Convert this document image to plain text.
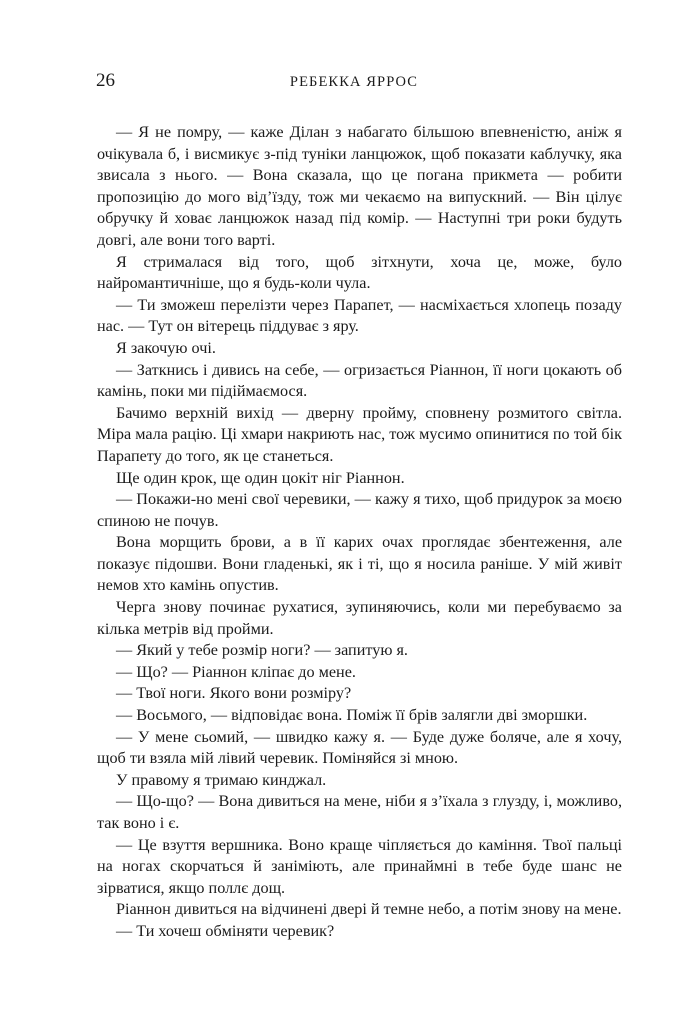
26	РЕБЕККА ЯРРОС

— Я не помру, — каже Ділан з набагато більшою впевненістю, аніж я очікувала б, і висмикує з-під туніки ланцюжок, щоб показати каблучку, яка звисала з нього. — Вона сказала, що це погана прикмета — робити пропозицію до мого від’їзду, тож ми чекаємо на випускний. — Він цілує обручку й ховає ланцюжок назад під комір. — Наступні три роки будуть довгі, але вони того варті.

Я стрималася від того, щоб зітхнути, хоча це, може, було найромантичніше, що я будь-коли чула.

— Ти зможеш перелізти через Парапет, — насміхається хлопець позаду нас. — Тут он вітерець піддуває з яру.

Я закочую очі.

— Заткнись і дивись на себе, — огризається Ріаннон, її ноги цокають об камінь, поки ми підіймаємося.

Бачимо верхній вихід — дверну пройму, сповнену розмитого світла. Міра мала рацію. Ці хмари накриють нас, тож мусимо опинитися по той бік Парапету до того, як це станеться.

Ще один крок, ще один цокіт ніг Ріаннон.

— Покажи-но мені свої черевики, — кажу я тихо, щоб придурок за моєю спиною не почув.

Вона морщить брови, а в її карих очах проглядає збентеження, але показує підошви. Вони гладенькі, як і ті, що я носила раніше. У мій живіт немов хто камінь опустив.

Черга знову починає рухатися, зупиняючись, коли ми перебуваємо за кілька метрів від пройми.

— Який у тебе розмір ноги? — запитую я.

— Що? — Ріаннон кліпає до мене.

— Твої ноги. Якого вони розміру?

— Восьмого, — відповідає вона. Поміж її брів залягли дві зморшки.

— У мене сьомий, — швидко кажу я. — Буде дуже боляче, але я хочу, щоб ти взяла мій лівий черевик. Поміняйся зі мною.

У правому я тримаю кинджал.

— Що-що? — Вона дивиться на мене, ніби я з’їхала з глузду, і, можливо, так воно і є.

— Це взуття вершника. Воно краще чіпляється до каміння. Твої пальці на ногах скорчаться й заніміють, але принаймні в тебе буде шанс не зірватися, якщо поллє дощ.

Ріаннон дивиться на відчинені двері й темне небо, а потім знову на мене.

— Ти хочеш обміняти черевик?
